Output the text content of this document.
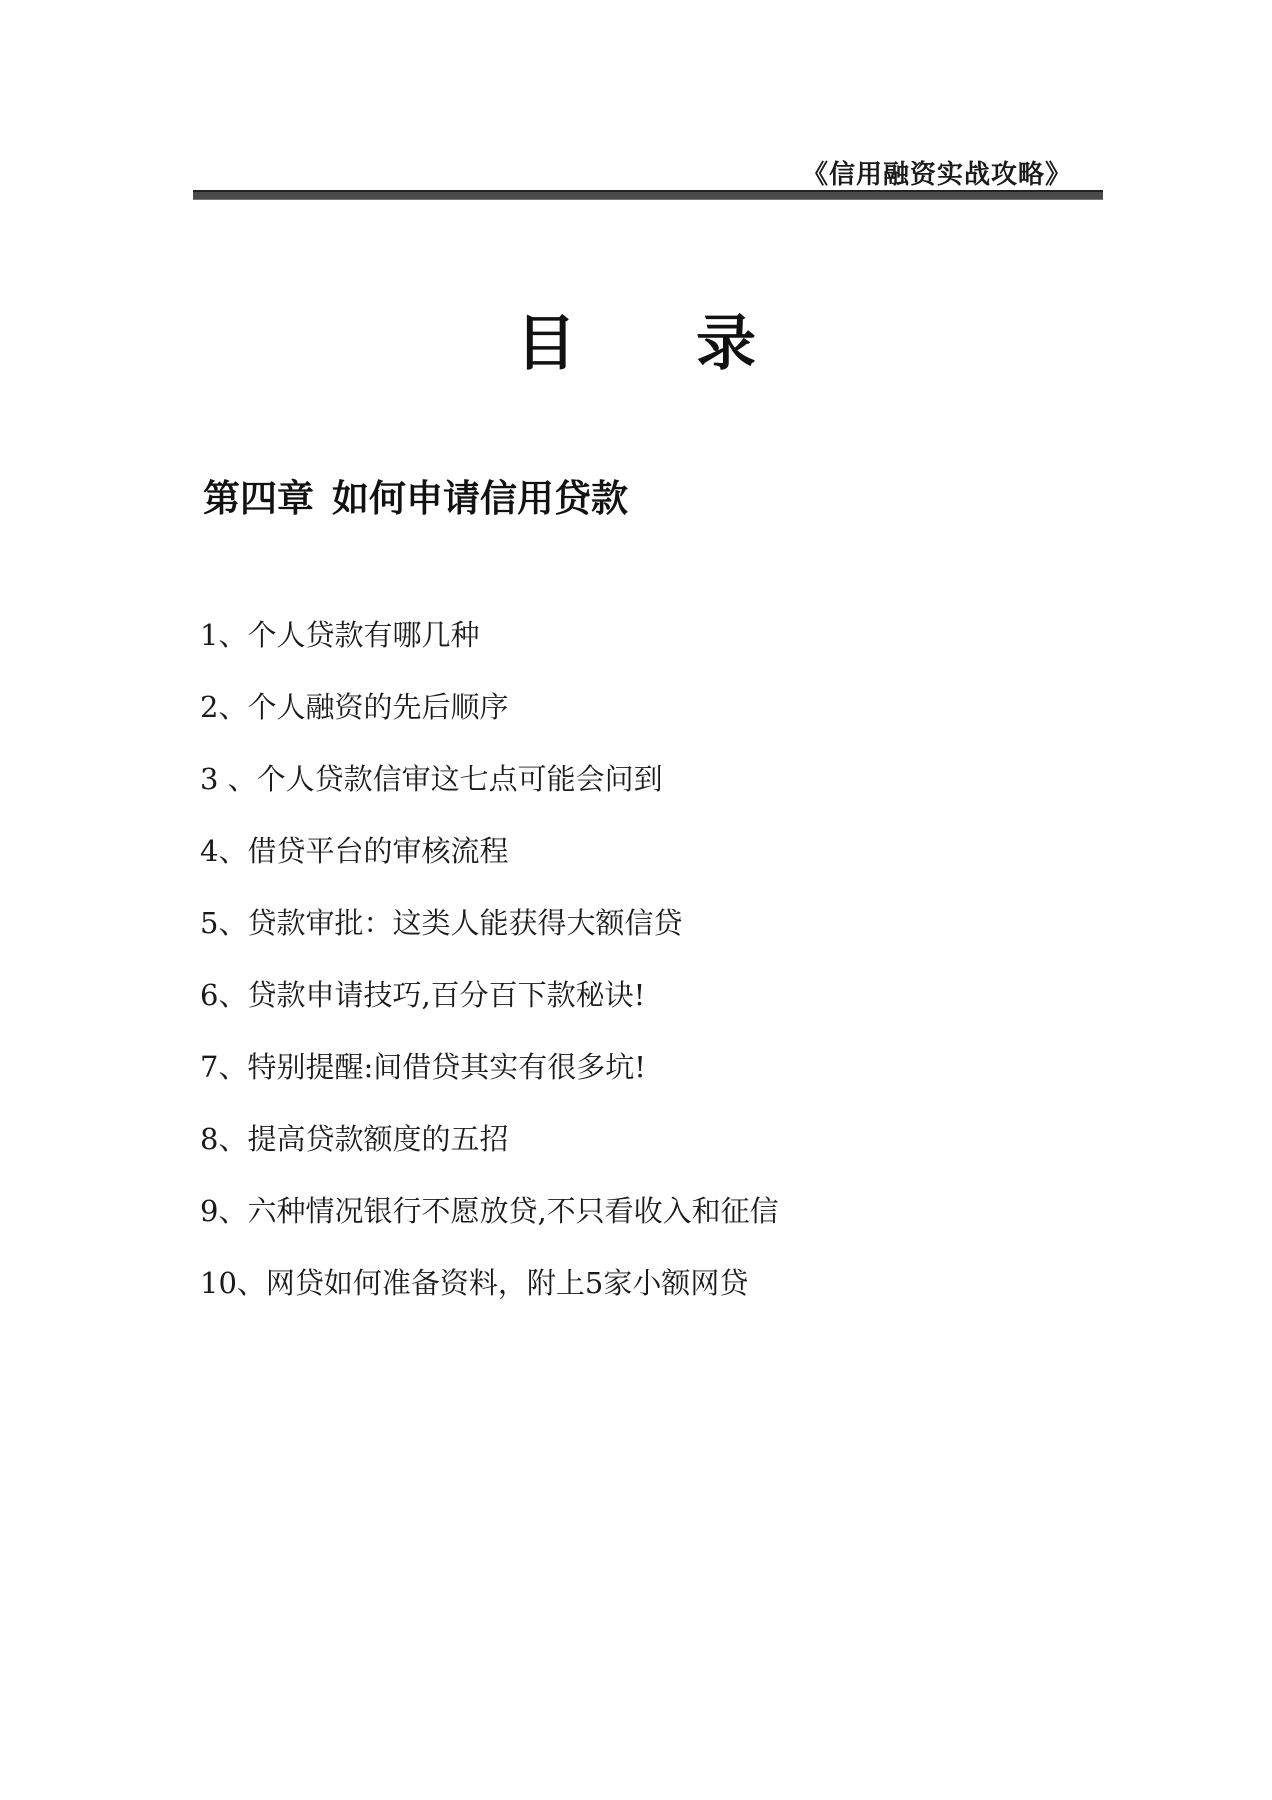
《信用融资实战攻略》
目 录
第四章 如何申请信用贷款
1、个人贷款有哪几种
2、个人融资的先后顺序
3 、个人贷款信审这七点可能会问到
4、借贷平台的审核流程
5、贷款审批：这类人能获得大额信贷
6、贷款申请技巧,百分百下款秘诀!
7、特别提醒:间借贷其实有很多坑!
8、提高贷款额度的五招
9、六种情况银行不愿放贷,不只看收入和征信
10、网贷如何准备资料，附上5家小额网贷
